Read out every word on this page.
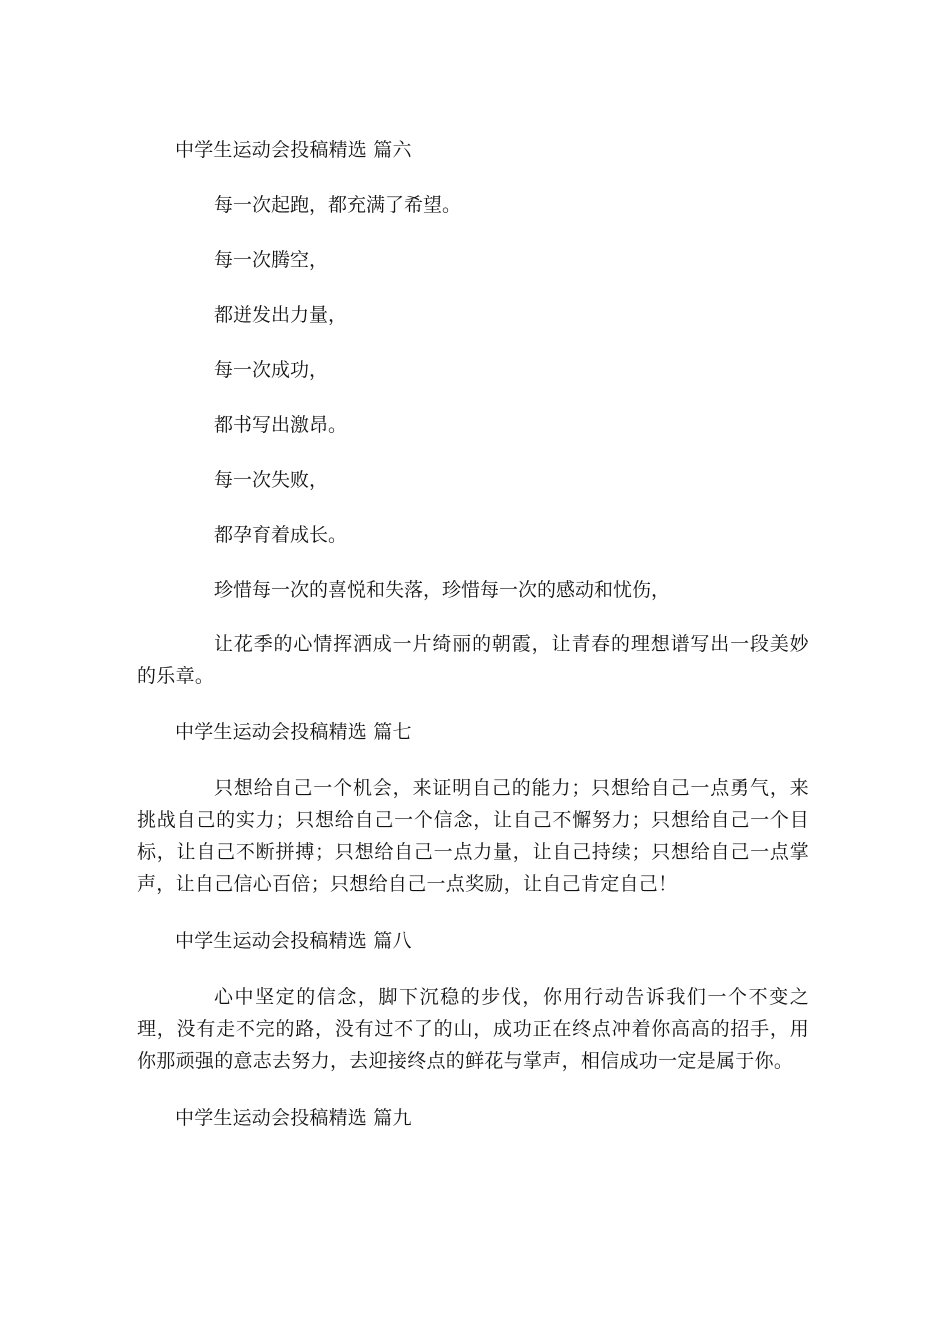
中学生运动会投稿精选 篇六
每一次起跑，都充满了希望。
每一次腾空，
都迸发出力量，
每一次成功，
都书写出激昂。
每一次失败，
都孕育着成长。
珍惜每一次的喜悦和失落，珍惜每一次的感动和忧伤，

让花季的心情挥洒成一片绮丽的朝霞，让青春的理想谱写出一段美妙的乐章。

中学生运动会投稿精选 篇七

只想给自己一个机会，来证明自己的能力；只想给自己一点勇气，来挑战自己的实力；只想给自己一个信念，让自己不懈努力；只想给自己一个目标，让自己不断拼搏；只想给自己一点力量，让自己持续；只想给自己一点掌声，让自己信心百倍；只想给自己一点奖励，让自己肯定自己！

中学生运动会投稿精选 篇八

心中坚定的信念，脚下沉稳的步伐，你用行动告诉我们一个不变之理，没有走不完的路，没有过不了的山，成功正在终点冲着你高高的招手，用你那顽强的意志去努力，去迎接终点的鲜花与掌声，相信成功一定是属于你。

中学生运动会投稿精选 篇九
